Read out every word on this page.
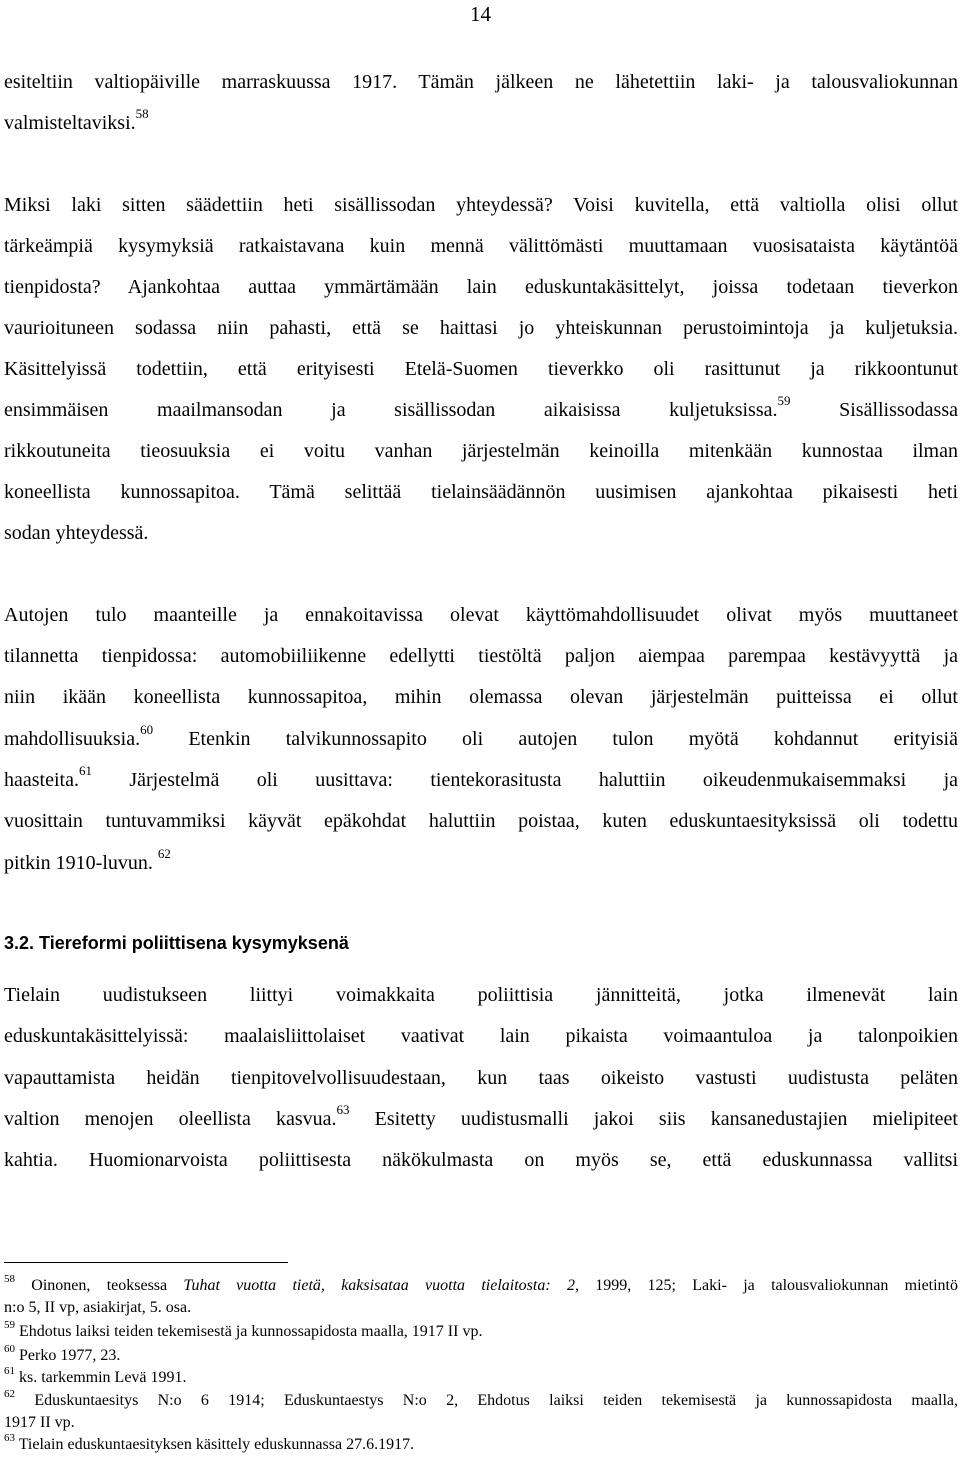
14
esiteltiin valtiopäiville marraskuussa 1917. Tämän jälkeen ne lähetettiin laki- ja talousvaliokunnan
valmisteltaviksi.$^{58}$
Miksi laki sitten säädettiin heti sisällissodan yhteydessä? Voisi kuvitella, että valtiolla olisi ollut
tärkeämpiä kysymyksiä ratkaistavana kuin mennä välittömästi muuttamaan vuosisataista käytäntöä
tienpidosta? Ajankohtaa auttaa ymmärtämään lain eduskuntakäsittelyt, joissa todetaan tieverkon
vaurioituneen sodassa niin pahasti, että se haittasi jo yhteiskunnan perustoimintoja ja kuljetuksia.
Käsittelyissä todettiin, että erityisesti Etelä-Suomen tieverkko oli rasittunut ja rikkoontunut
ensimmäisen maailmansodan ja sisällissodan aikaisissa kuljetuksissa.$^{59}$ Sisällissodassa
rikkoutuneita tieosuuksia ei voitu vanhan järjestelmän keinoilla mitenkään kunnostaa ilman
koneellista kunnossapitoa. Tämä selittää tielainsäädännön uusimisen ajankohtaa pikaisesti heti
sodan yhteydessä.
Autojen tulo maanteille ja ennakoitavissa olevat käyttömahdollisuudet olivat myös muuttaneet
tilannetta tienpidossa: automobiiliikenne edellytti tiestöltä paljon aiempaa parempaa kestävyyttä ja
niin ikään koneellista kunnossapitoa, mihin olemassa olevan järjestelmän puitteissa ei ollut
mahdollisuuksia.$^{60}$ Etenkin talvikunnossapito oli autojen tulon myötä kohdannut erityisiä
haasteita.$^{61}$ Järjestelmä oli uusittava: tientekorasitusta haluttiin oikeudenmukaisemmaksi ja
vuosittain tuntuvammiksi käyvät epäkohdat haluttiin poistaa, kuten eduskuntaesityksissä oli todettu
pitkin 1910-luvun. $^{62}$
3.2. Tiereformi poliittisena kysymyksenä
Tielain uudistukseen liittyi voimakkaita poliittisia jännitteitä, jotka ilmenevät lain
eduskuntakäsittelyissä: maalaisliittolaiset vaativat lain pikaista voimaantuloa ja talonpoikien
vapauttamista heidän tienpitovelvollisuudestaan, kun taas oikeisto vastusti uudistusta peläten
valtion menojen oleellista kasvua.$^{63}$ Esitetty uudistusmalli jakoi siis kansanedustajien mielipiteet
kahtia. Huomionarvoista poliittisesta näkökulmasta on myös se, että eduskunnassa vallitsi
$^{58}$ Oinonen, teoksessa Tuhat vuotta tietä, kaksisataa vuotta tielaitosta: 2, 1999, 125; Laki- ja talousvaliokunnan mietintö
n:o 5, II vp, asiakirjat, 5. osa.
$^{59}$ Ehdotus laiksi teiden tekemisestä ja kunnossapidosta maalla, 1917 II vp.
$^{60}$ Perko 1977, 23.
$^{61}$ ks. tarkemmin Levä 1991.
$^{62}$ Eduskuntaesitys N:o 6 1914; Eduskuntaestys N:o 2, Ehdotus laiksi teiden tekemisestä ja kunnossapidosta maalla,
1917 II vp.
$^{63}$ Tielain eduskuntaesityksen käsittely eduskunnassa 27.6.1917.
